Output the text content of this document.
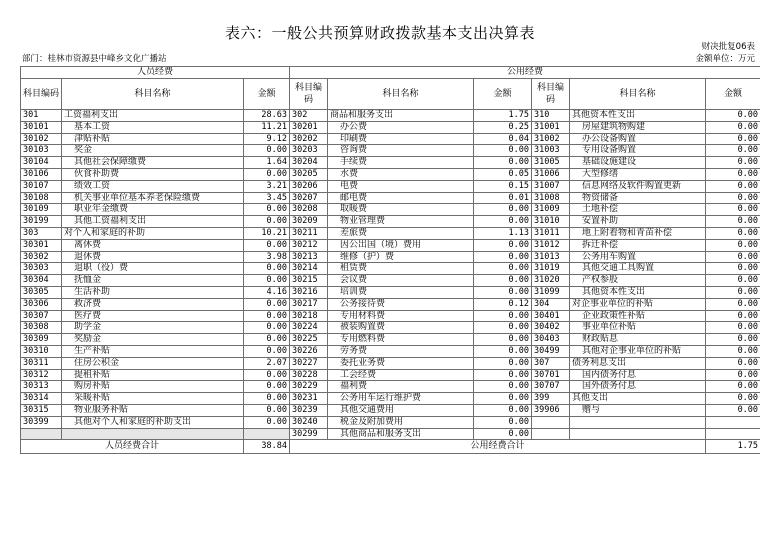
表六：一般公共预算财政拨款基本支出决算表
部门：桂林市资源县中峰乡文化广播站
财决批复06表
金额单位：万元
人员经费			公用经费					
科目编码	科目名称	金额	科目编码	科目名称	金额	科目编码	科目名称	金额
301	工资福利支出	28.63	302	商品和服务支出	1.75	310	其他资本性支出	0.00
30101	基本工资	11.21	30201	办公费	0.25	31001	房屋建筑物购建	0.00
30102	津贴补贴	9.12	30202	印刷费	0.04	31002	办公设备购置	0.00
30103	奖金	0.00	30203	咨询费	0.00	31003	专用设备购置	0.00
30104	其他社会保障缴费	1.64	30204	手续费	0.00	31005	基础设施建设	0.00
30106	伙食补助费	0.00	30205	水费	0.05	31006	大型修缮	0.00
30107	绩效工资	3.21	30206	电费	0.15	31007	信息网络及软件购置更新	0.00
30108	机关事业单位基本养老保险缴费	3.45	30207	邮电费	0.01	31008	物资储备	0.00
30109	职业年金缴费	0.00	30208	取暖费	0.00	31009	土地补偿	0.00
30199	其他工资福利支出	0.00	30209	物业管理费	0.00	31010	安置补助	0.00
303	对个人和家庭的补助	10.21	30211	差旅费	1.13	31011	地上附着物和青苗补偿	0.00
30301	离休费	0.00	30212	因公出国（境）费用	0.00	31012	拆迁补偿	0.00
30302	退休费	3.98	30213	维修（护）费	0.00	31013	公务用车购置	0.00
30303	退职（役）费	0.00	30214	租赁费	0.00	31019	其他交通工具购置	0.00
30304	抚恤金	0.00	30215	会议费	0.00	31020	产权参股	0.00
30305	生活补助	4.16	30216	培训费	0.00	31099	其他资本性支出	0.00
30306	救济费	0.00	30217	公务接待费	0.12	304	对企事业单位的补贴	0.00
30307	医疗费	0.00	30218	专用材料费	0.00	30401	企业政策性补贴	0.00
30308	助学金	0.00	30224	被装购置费	0.00	30402	事业单位补贴	0.00
30309	奖励金	0.00	30225	专用燃料费	0.00	30403	财政贴息	0.00
30310	生产补贴	0.00	30226	劳务费	0.00	30499	其他对企事业单位的补贴	0.00
30311	住房公积金	2.07	30227	委托业务费	0.00	307	债务利息支出	0.00
30312	提租补贴	0.00	30228	工会经费	0.00	30701	国内债务付息	0.00
30313	购房补贴	0.00	30229	福利费	0.00	30707	国外债务付息	0.00
30314	采暖补贴	0.00	30231	公务用车运行维护费	0.00	399	其他支出	0.00
30315	物业服务补贴	0.00	30239	其他交通费用	0.00	39906	赠与	0.00
30399	其他对个人和家庭的补助支出	0.00	30240	税金及附加费用	0.00			
			30299	其他商品和服务支出	0.00			
人员经费合计		38.84	公用经费合计					1.75
